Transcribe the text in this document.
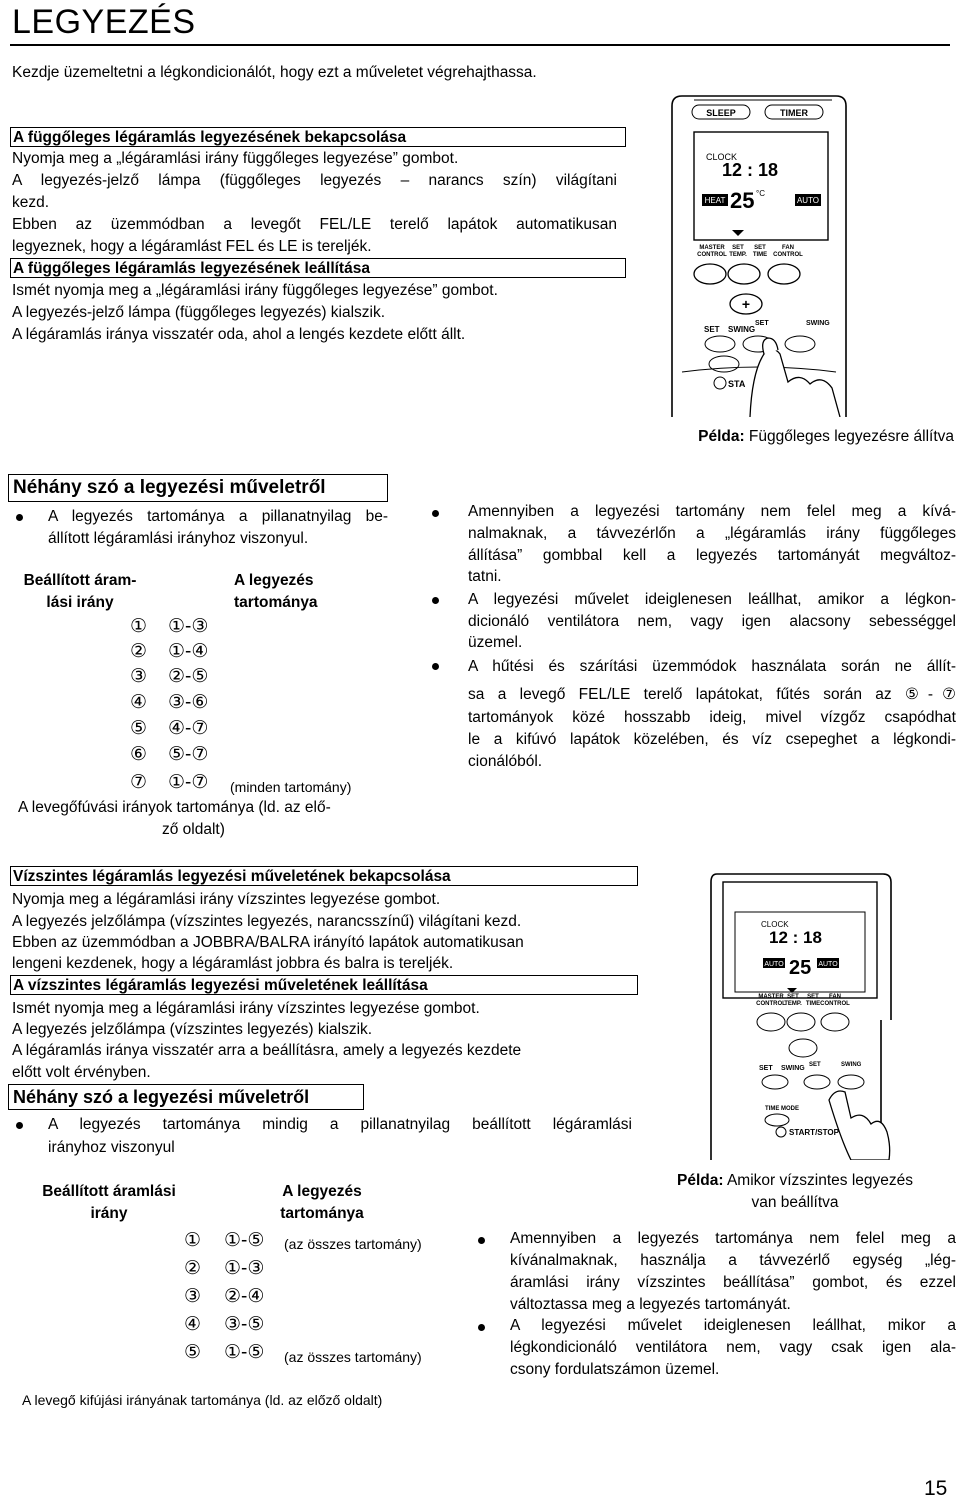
LEGYEZÉS
Kezdje üzemeltetni a légkondicionálót, hogy ezt a műveletet végrehajthassa.
A függőleges légáramlás legyezésének bekapcsolása
Nyomja meg a „légáramlási irány függőleges legyezése” gombot.
A legyezés-jelző lámpa (függőleges legyezés – narancs szín) világítani
kezd.
Ebben az üzemmódban a levegőt FEL/LE terelő lapátok automatikusan
legyeznek, hogy a légáramlást FEL és LE is tereljék.
A függőleges légáramlás legyezésének leállítása
Ismét nyomja meg a „légáramlási irány függőleges legyezése” gombot.
A legyezés-jelző lámpa (függőleges legyezés) kialszik.
A légáramlás iránya visszatér oda, ahol a lengés kezdete előtt állt.
SLEEP	TIMER
CLOCK
12 : 18
HEAT 25 °C
AUTO
MASTER
CONTROL
SET
TEMP.
SET
TIME
FAN
CONTROL
+
SET SWING
SET	SWING
STA
Példa: Függőleges legyezésre állítva
Néhány szó a legyezési műveletről
A legyezés tartománya a pillanatnyilag be-
állított légáramlási irányhoz viszonyul.
Beállított áram-
lási irány
A legyezés
tartománya
① ①-③
② ①-④
③ ②-⑤
④ ③-⑥
⑤ ④-⑦
⑥ ⑤-⑦
⑦ ①-⑦ (minden tartomány)
A levegőfúvási irányok tartománya (ld. az elő-
ző oldalt)
Amennyiben a legyezési tartomány nem felel meg a kívá-
nalmaknak, a távvezérlőn a „légáramlás irány függőleges
állítása” gombbal kell a legyezés tartományát megváltoz-
tatni.
A legyezési művelet ideiglenesen leállhat, amikor a légkon-
dicionáló ventilátora nem, vagy igen alacsony sebességgel
üzemel.
A hűtési és szárítási üzemmódok használata során ne állít-
sa a levegő FEL/LE terelő lapátokat, fűtés során az ⑤-⑦
tartományok közé hosszabb ideig, mivel vízgőz csapódhat
le a kifúvó lapátok közelében, és víz csepeghet a légkondi-
cionálóból.
Vízszintes légáramlás legyezési műveletének bekapcsolása
Nyomja meg a légáramlási irány vízszintes legyezése gombot.
A legyezés jelzőlámpa (vízszintes legyezés, narancsszínű) világítani kezd.
Ebben az üzemmódban a JOBBRA/BALRA irányító lapátok automatikusan
lengeni kezdenek, hogy a légáramlást jobbra és balra is tereljék.
A vízszintes légáramlás legyezési műveletének leállítása
Ismét nyomja meg a légáramlási irány vízszintes legyezése gombot.
A legyezés jelzőlámpa (vízszintes legyezés) kialszik.
A légáramlás iránya visszatér arra a beállításra, amely a legyezés kezdete
előtt volt érvényben.
Néhány szó a legyezési műveletről
A legyezés tartománya mindig a pillanatnyilag beállított légáramlási
irányhoz viszonyul
Beállított áramlási
irány
A legyezés
tartománya
① ①-⑤ (az összes tartomány)
② ①-③
③ ②-④
④ ③-⑤
⑤ ①-⑤ (az összes tartomány)
A levegő kifújási irányának tartománya (ld. az előző oldalt)
CLOCK
12 : 18
AUTO 25 AUTO
MASTER
CONTROL
SET
TEMP.
SET
TIME
FAN
CONTROL
SET SWING SET	SWING
TIME MODE
START/STOP
Példa: Amikor vízszintes legyezés
van beállítva
Amennyiben a legyezés tartománya nem felel meg a
kívánalmaknak, használja a távvezérlő egység „lég-
áramlási irány vízszintes beállítása” gombot, és ezzel
változtassa meg a legyezés tartományát.
A legyezési művelet ideiglenesen leállhat, mikor a
légkondicionáló ventilátora nem, vagy csak igen ala-
csony fordulatszámon üzemel.
15
